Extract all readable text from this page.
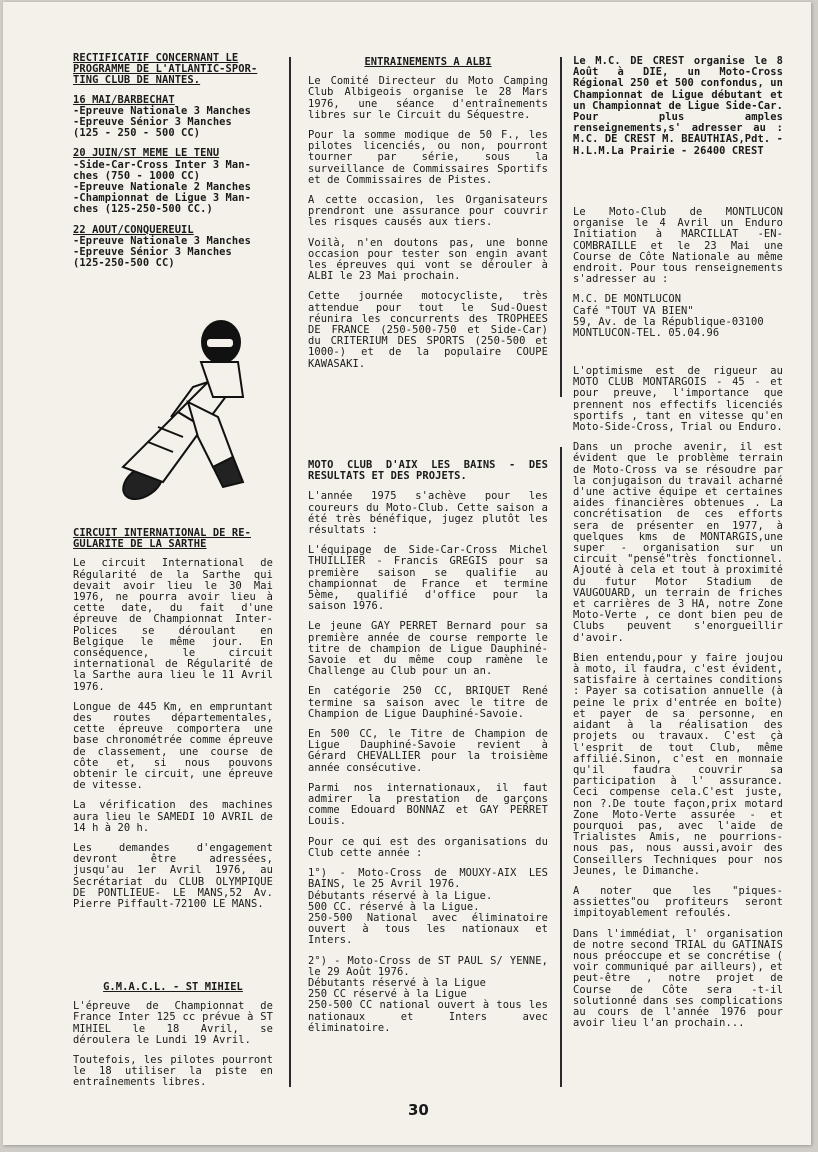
RECTIFICATIF CONCERNANT LE
PROGRAMME DE L'ATLANTIC-SPOR-
TING CLUB DE NANTES.
16 MAI/BARBECHAT
-Epreuve Nationale 3 Manches
-Epreuve Sénior 3 Manches
(125 - 250 - 500 CC)
20 JUIN/ST MEME LE TENU
-Side-Car-Cross Inter 3 Man-
ches (750 - 1000 CC)
-Epreuve Nationale 2 Manches
-Championnat de Ligue 3 Man-
ches (125-250-500 CC.)
22 AOUT/CONQUEREUIL
-Epreuve Nationale 3 Manches
-Epreuve Sénior 3 Manches
(125-250-500 CC)
CIRCUIT INTERNATIONAL DE RE-
GULARITE DE LA SARTHE

Le circuit International de Régularité de la Sarthe qui devait avoir lieu le 30 Mai 1976, ne pourra avoir lieu à cette date, du fait d'une épreuve de Championnat Inter-Polices se déroulant en Belgique le même jour. En conséquence, le circuit international de Régularité de la Sarthe aura lieu le 11 Avril 1976.

Longue de 445 Km, en empruntant des routes départementales, cette épreuve comportera une base chronométrée comme épreuve de classement, une course de côte et, si nous pouvons obtenir le circuit, une épreuve de vitesse.

La vérification des machines aura lieu le SAMEDI 10 AVRIL de 14 h à 20 h.

Les demandes d'engagement devront être adressées, jusqu'au 1er Avril 1976, au Secrétariat du CLUB OLYMPIQUE DE PONTLIEUE- LE MANS,52 Av. Pierre Piffault-72100 LE MANS.

G.M.A.C.L. - ST MIHIEL

L'épreuve de Championnat de France Inter 125 cc prévue à ST MIHIEL le 18 Avril, se déroulera le Lundi 19 Avril.

Toutefois, les pilotes pourront le 18 utiliser la piste en entraînements libres.

ENTRAINEMENTS A ALBI

Le Comité Directeur du Moto Camping Club Albigeois organise le 28 Mars 1976, une séance d'entraînements libres sur le Circuit du Séquestre.

Pour la somme modique de 50 F., les pilotes licenciés, ou non, pourront tourner par série, sous la surveillance de Commissaires Sportifs et de Commissaires de Pistes.

A cette occasion, les Organisateurs prendront une assurance pour couvrir les risques causés aux tiers.

Voilà, n'en doutons pas, une bonne occasion pour tester son engin avant les épreuves qui vont se dérouler à ALBI le 23 Mai prochain.

Cette journée motocycliste, très attendue pour tout le Sud-Ouest réunira les concurrents des TROPHEES DE FRANCE (250-500-750 et Side-Car) du CRITERIUM DES SPORTS (250-500 et 1000-) et de la populaire COUPE KAWASAKI.

MOTO CLUB D'AIX LES BAINS - DES RESULTATS ET DES PROJETS.

L'année 1975 s'achève pour les coureurs du Moto-Club. Cette saison a été très bénéfique, jugez plutôt les résultats :

L'équipage de Side-Car-Cross Michel THUILLIER - Francis GREGIS pour sa première saison se qualifie au championnat de France et termine 5ème, qualifié d'office pour la saison 1976.

Le jeune GAY PERRET Bernard pour sa première année de course remporte le titre de champion de Ligue Dauphiné-Savoie et du même coup ramène le Challenge au Club pour un an.

En catégorie 250 CC, BRIQUET René termine sa saison avec le titre de Champion de Ligue Dauphiné-Savoie.

En 500 CC, le Titre de Champion de Ligue Dauphiné-Savoie revient à Gérard CHEVALLIER pour la troisième année consécutive.

Parmi nos internationaux, il faut admirer la prestation de garçons comme Edouard BONNAZ et GAY PERRET Louis.

Pour ce qui est des organisations du Club cette année :

1°) - Moto-Cross de MOUXY-AIX LES BAINS, le 25 Avril 1976.
Débutants réservé à la Ligue.
500 CC. réservé à la Ligue.
250-500 National avec éliminatoire ouvert à tous les nationaux et Inters.

2°) - Moto-Cross de ST PAUL S/ YENNE, le 29 Août 1976.
Débutants réservé à la Ligue
250 CC réservé à la Ligue
250-500 CC national ouvert à tous les nationaux et Inters avec éliminatoire.

Le M.C. DE CREST organise le 8 Août à DIE, un Moto-Cross Régional 250 et 500 confondus, un Championnat de Ligue débutant et un Championnat de Ligue Side-Car. Pour plus amples renseignements,s' adresser au : M.C. DE CREST M. BEAUTHIAS,Pdt. - H.L.M.La Prairie - 26400 CREST

Le Moto-Club de MONTLUCON organise le 4 Avril un Enduro Initiation à MARCILLAT -EN-COMBRAILLE et le 23 Mai une Course de Côte Nationale au même endroit. Pour tous renseignements s'adresser au :

M.C. DE MONTLUCON
Café "TOUT VA BIEN"
59, Av. de la République-03100
MONTLUCON-TEL. 05.04.96

L'optimisme est de rigueur au MOTO CLUB MONTARGOIS - 45 - et pour preuve, l'importance que prennent nos effectifs licenciés sportifs , tant en vitesse qu'en Moto-Side-Cross, Trial ou Enduro.

Dans un proche avenir, il est évident que le problème terrain de Moto-Cross va se résoudre par la conjugaison du travail acharné d'une active équipe et certaines aides financières obtenues . La concrétisation de ces efforts sera de présenter en 1977, à quelques kms de MONTARGIS,une super - organisation sur un circuit "pensé"très fonctionnel. Ajouté à cela et tout à proximité du futur Motor Stadium de VAUGOUARD, un terrain de friches et carrières de 3 HA, notre Zone Moto-Verte , ce dont bien peu de Clubs peuvent s'enorgueillir d'avoir.

Bien entendu,pour y faire joujou à moto, il faudra, c'est évident, satisfaire à certaines conditions : Payer sa cotisation annuelle (à peine le prix d'entrée en boîte) et payer de sa personne, en aidant à la réalisation des projets ou travaux. C'est çà l'esprit de tout Club, même affilié.Sinon, c'est en monnaie qu'il faudra couvrir sa participation à l' assurance. Ceci compense cela.C'est juste, non ?.De toute façon,prix motard Zone Moto-Verte assurée - et pourquoi pas, avec l'aide de Trialistes Amis, ne pourrions-nous pas, nous aussi,avoir des Conseillers Techniques pour nos Jeunes, le Dimanche.

A noter que les "piques-assiettes"ou profiteurs seront impitoyablement refoulés.

Dans l'immédiat, l' organisation de notre second TRIAL du GATINAIS nous préoccupe et se concrétise ( voir communiqué par ailleurs), et peut-être , notre projet de Course de Côte sera -t-il solutionné dans ses complications au cours de l'année 1976 pour avoir lieu l'an prochain...

30
